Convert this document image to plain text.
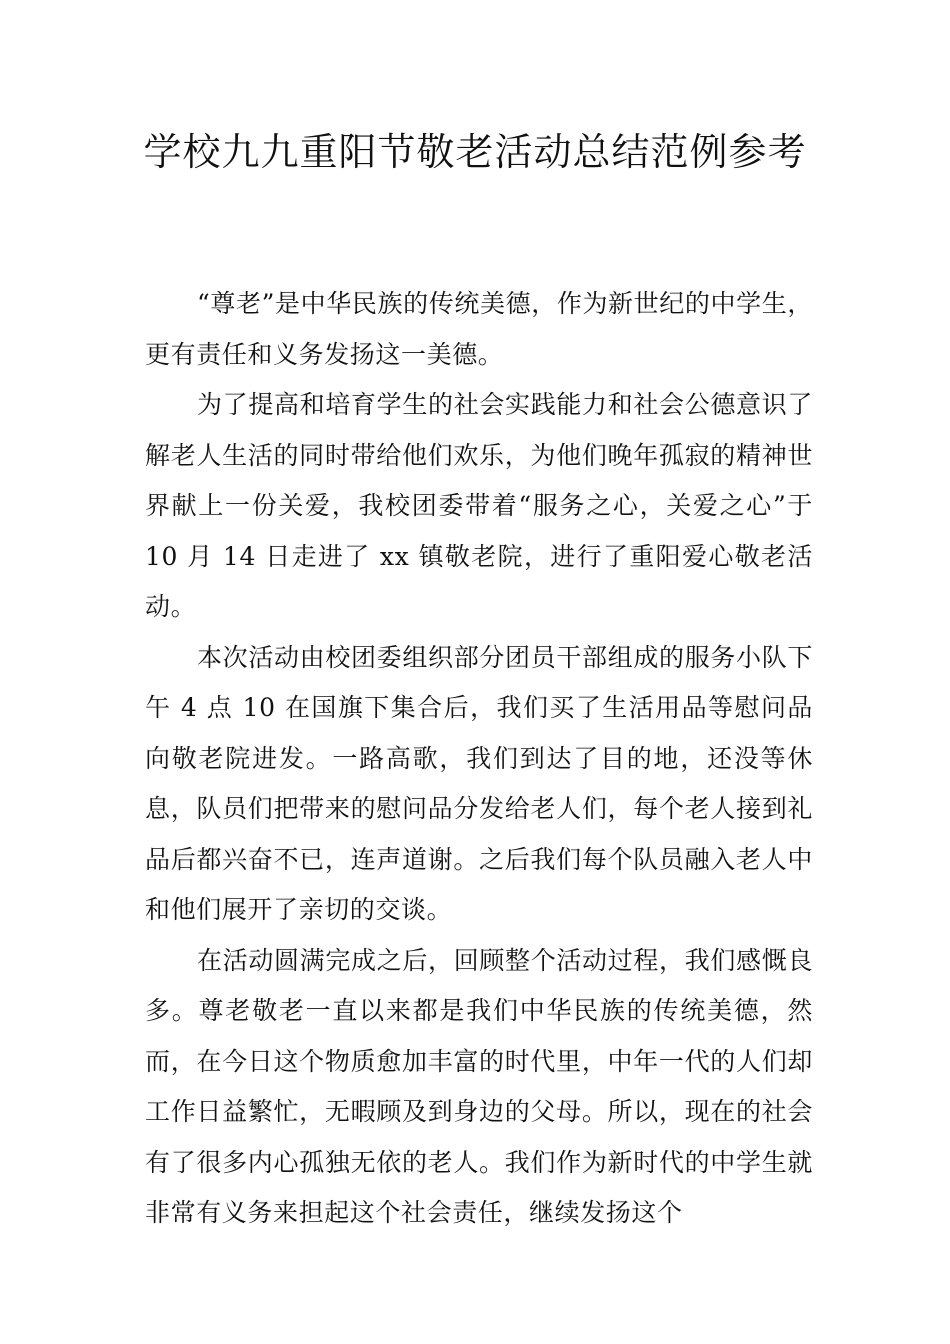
学校九九重阳节敬老活动总结范例参考

“尊老”是中华民族的传统美德，作为新世纪的中学生，更有责任和义务发扬这一美德。

为了提高和培育学生的社会实践能力和社会公德意识了解老人生活的同时带给他们欢乐，为他们晚年孤寂的精神世界献上一份关爱，我校团委带着“服务之心，关爱之心”于 10 月 14 日走进了 xx 镇敬老院，进行了重阳爱心敬老活动。

本次活动由校团委组织部分团员干部组成的服务小队下午 4 点 10 在国旗下集合后，我们买了生活用品等慰问品向敬老院进发。一路高歌，我们到达了目的地，还没等休息，队员们把带来的慰问品分发给老人们，每个老人接到礼品后都兴奋不已，连声道谢。之后我们每个队员融入老人中和他们展开了亲切的交谈。

在活动圆满完成之后，回顾整个活动过程，我们感慨良多。尊老敬老一直以来都是我们中华民族的传统美德，然而，在今日这个物质愈加丰富的时代里，中年一代的人们却工作日益繁忙，无暇顾及到身边的父母。所以，现在的社会有了很多内心孤独无依的老人。我们作为新时代的中学生就非常有义务来担起这个社会责任，继续发扬这个
